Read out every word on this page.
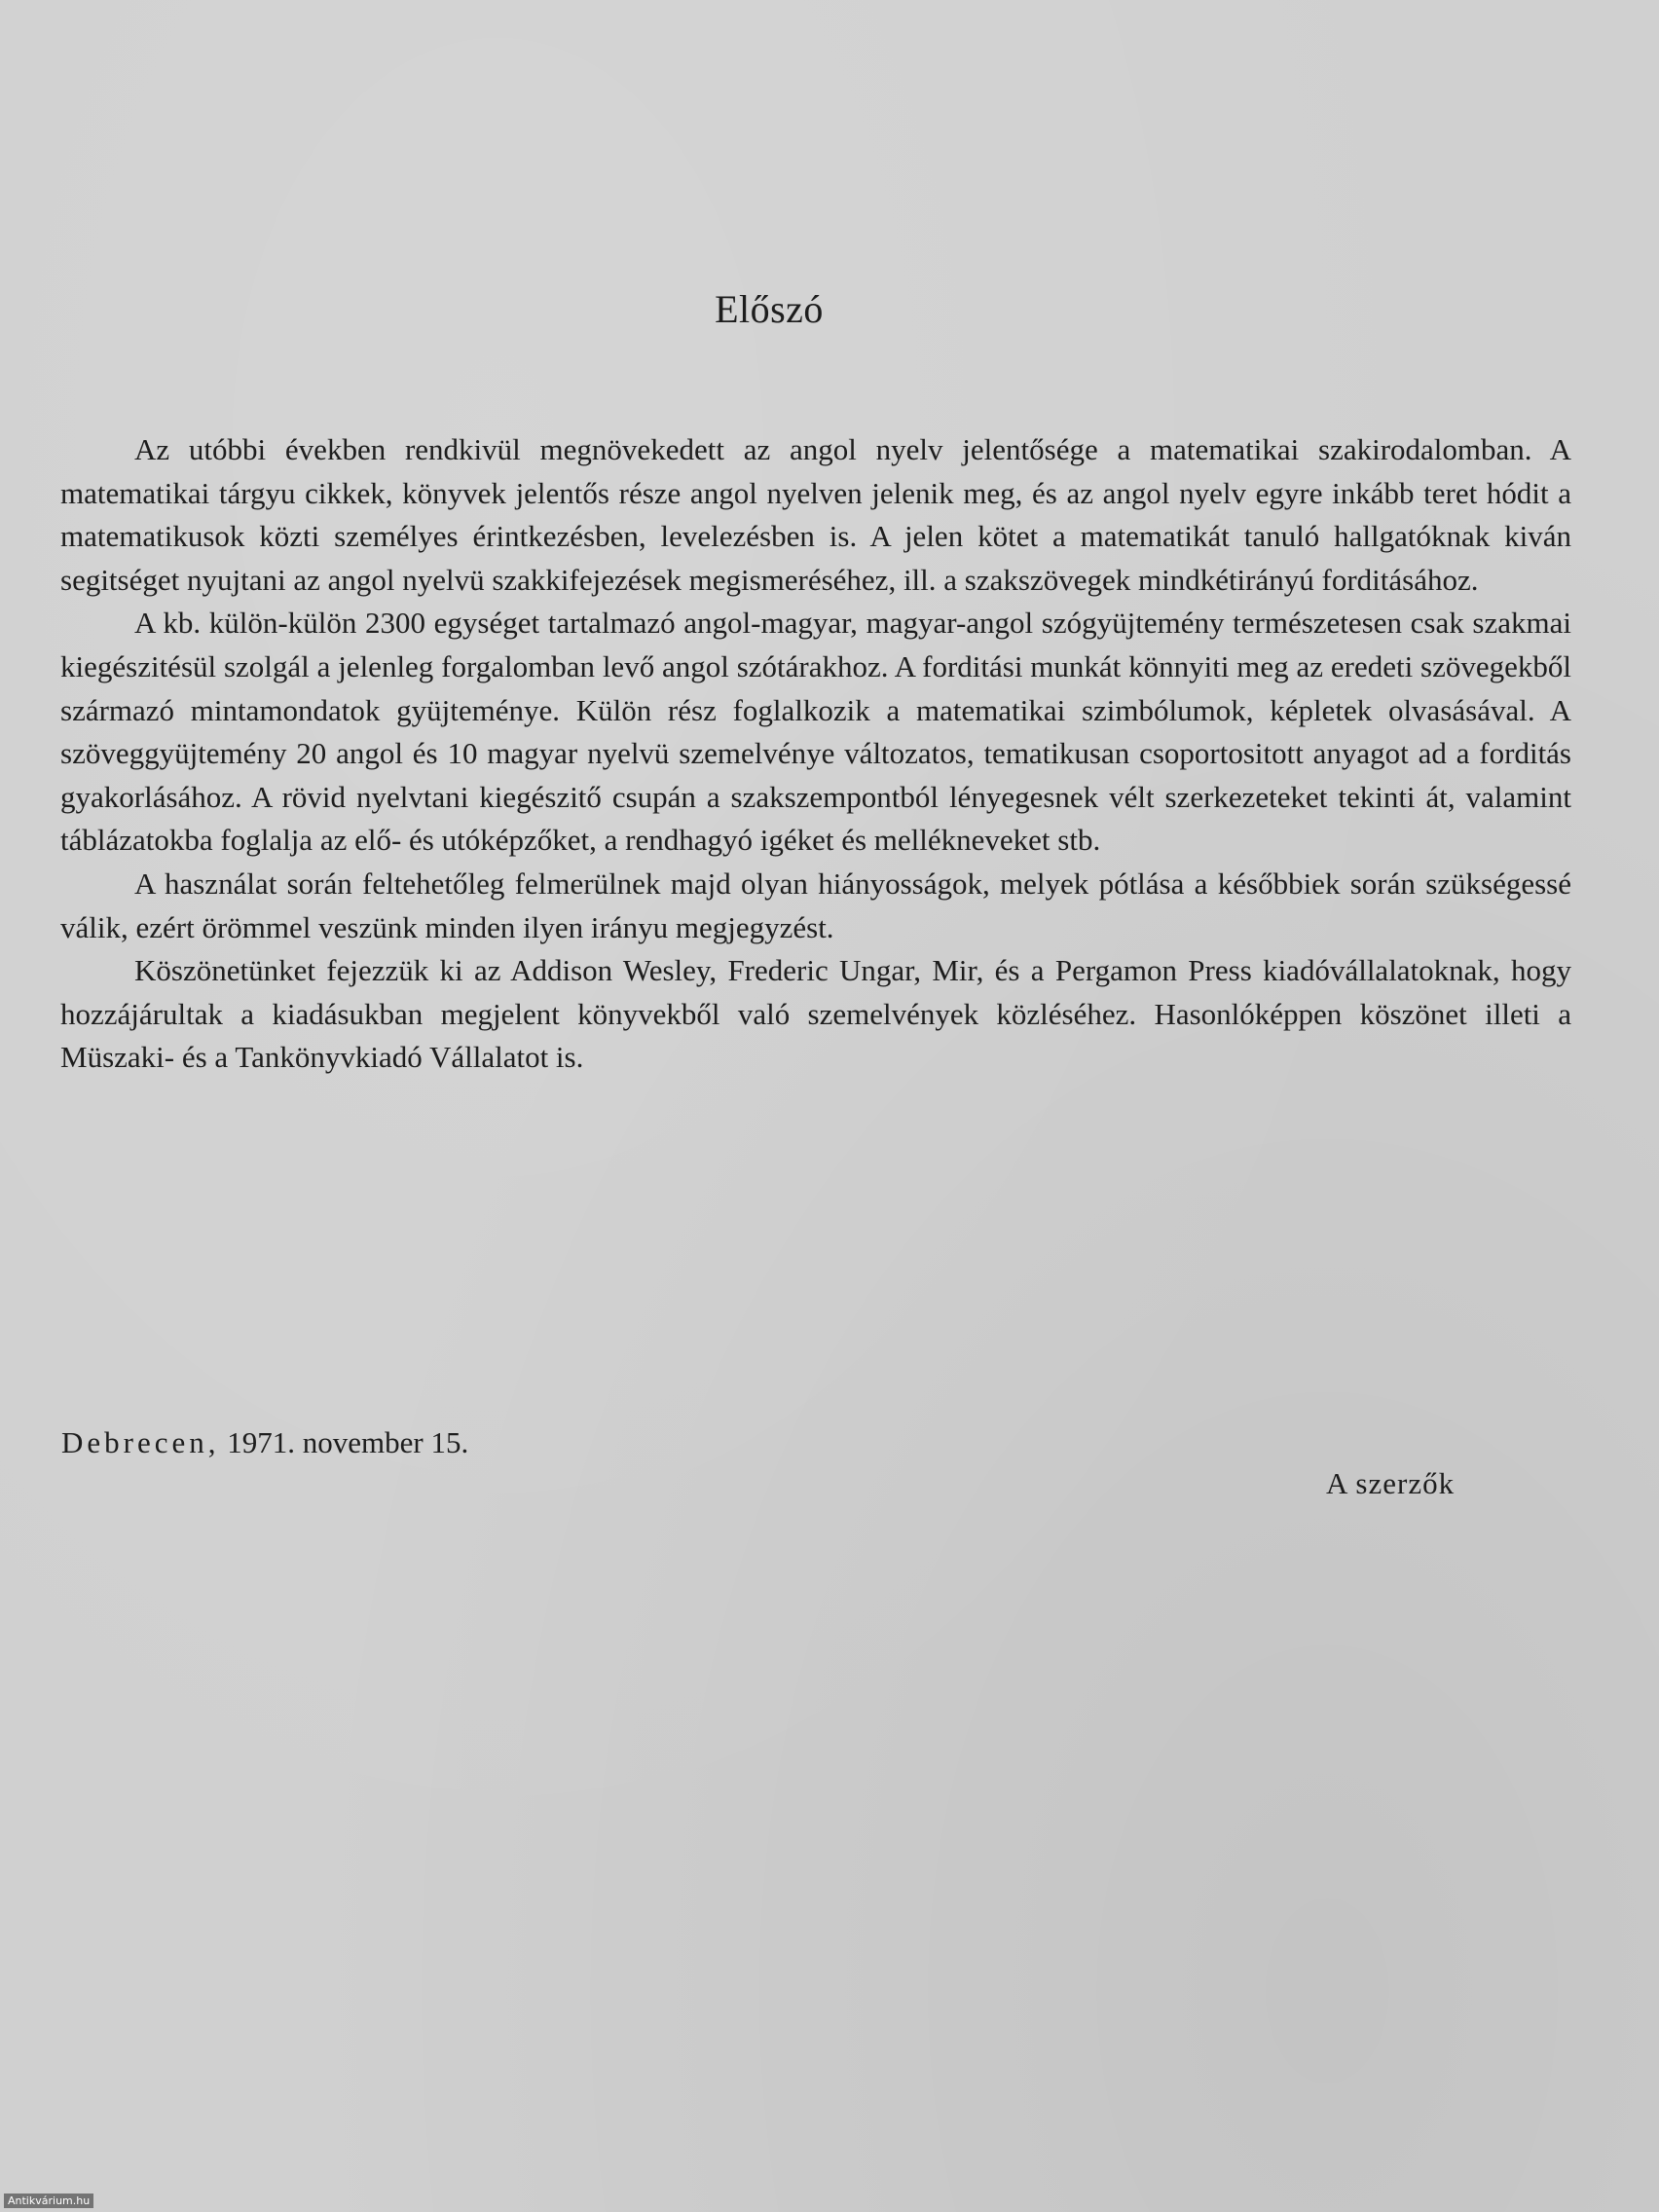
Előszó

Az utóbbi években rendkivül megnövekedett az angol nyelv jelentősége a matematikai szakirodalomban. A matematikai tárgyu cikkek, könyvek jelentős része angol nyelven jelenik meg, és az angol nyelv egyre inkább teret hódit a matematikusok közti személyes érintkezésben, levelezésben is. A jelen kötet a matematikát tanuló hallgatóknak kiván segitséget nyujtani az angol nyelvü szakkifejezések megismeréséhez, ill. a szakszövegek mindkétirányú forditásához.

A kb. külön-külön 2300 egységet tartalmazó angol-magyar, magyar-angol szógyüjtemény természetesen csak szakmai kiegészitésül szolgál a jelenleg forgalomban levő angol szótárakhoz. A forditási munkát könnyiti meg az eredeti szövegekből származó mintamondatok gyüjteménye. Külön rész foglalkozik a matematikai szimbólumok, képletek olvasásával. A szöveggyüjtemény 20 angol és 10 magyar nyelvü szemelvénye változatos, tematikusan csoportositott anyagot ad a forditás gyakorlásához. A rövid nyelvtani kiegészitő csupán a szakszempontból lényegesnek vélt szerkezeteket tekinti át, valamint táblázatokba foglalja az elő- és utóképzőket, a rendhagyó igéket és mellékneveket stb.

A használat során feltehetőleg felmerülnek majd olyan hiányosságok, melyek pótlása a későbbiek során szükségessé válik, ezért örömmel veszünk minden ilyen irányu megjegyzést.

Köszönetünket fejezzük ki az Addison Wesley, Frederic Ungar, Mir, és a Pergamon Press kiadóvállalatoknak, hogy hozzájárultak a kiadásukban megjelent könyvekből való szemelvények közléséhez. Hasonlóképpen köszönet illeti a Müszaki- és a Tankönyvkiadó Vállalatot is.

Debrecen, 1971. november 15.
A szerzők
Antikvárium.hu
